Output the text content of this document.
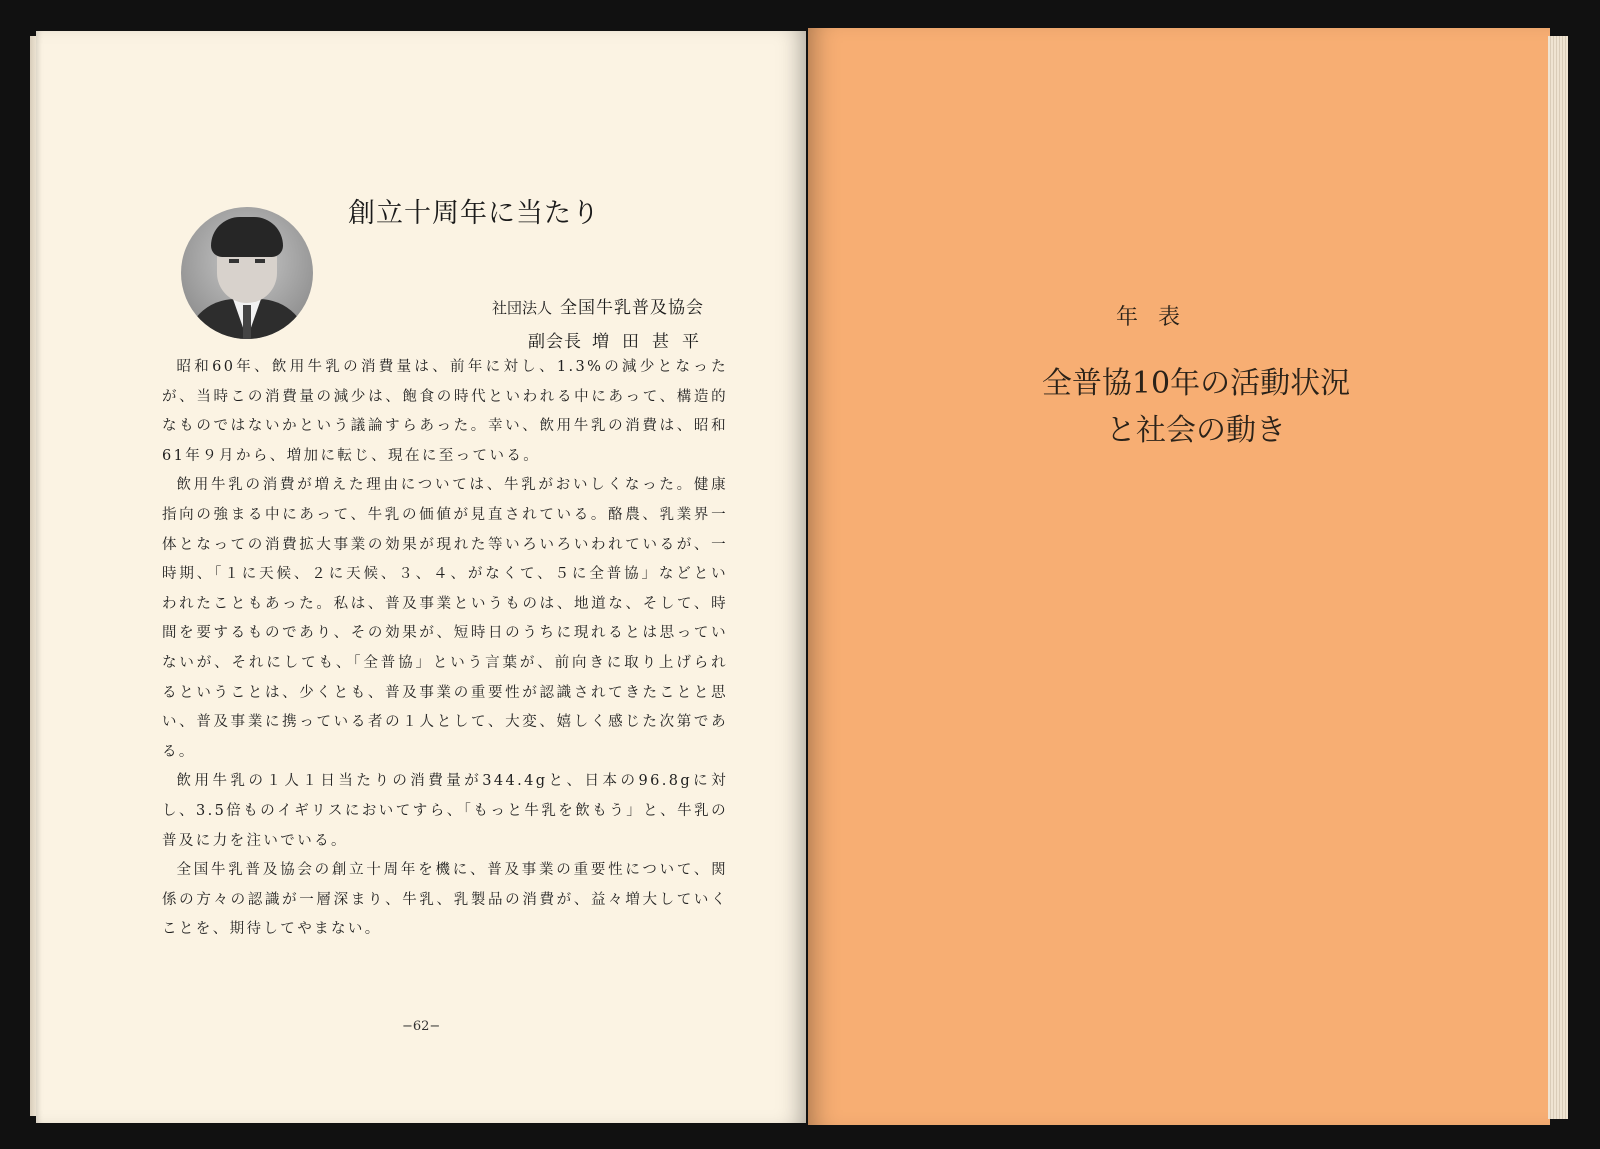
創立十周年に当たり
社団法人 全国牛乳普及協会
副会長 増田甚平

昭和60年、飲用牛乳の消費量は、前年に対し、1.3%の減少となったが、当時この消費量の減少は、飽食の時代といわれる中にあって、構造的なものではないかという議論すらあった。幸い、飲用牛乳の消費は、昭和61年９月から、増加に転じ、現在に至っている。

飲用牛乳の消費が増えた理由については、牛乳がおいしくなった。健康指向の強まる中にあって、牛乳の価値が見直されている。酪農、乳業界一体となっての消費拡大事業の効果が現れた等いろいろいわれているが、一時期、「１に天候、２に天候、３、４、がなくて、５に全普協」などといわれたこともあった。私は、普及事業というものは、地道な、そして、時間を要するものであり、その効果が、短時日のうちに現れるとは思っていないが、それにしても、「全普協」という言葉が、前向きに取り上げられるということは、少くとも、普及事業の重要性が認識されてきたことと思い、普及事業に携っている者の１人として、大変、嬉しく感じた次第である。

飲用牛乳の１人１日当たりの消費量が344.4gと、日本の96.8gに対し、3.5倍ものイギリスにおいてすら、「もっと牛乳を飲もう」と、牛乳の普及に力を注いでいる。

全国牛乳普及協会の創立十周年を機に、普及事業の重要性について、関係の方々の認識が一層深まり、牛乳、乳製品の消費が、益々増大していくことを、期待してやまない。

−62−
年表
全普協10年の活動状況
と社会の動き
